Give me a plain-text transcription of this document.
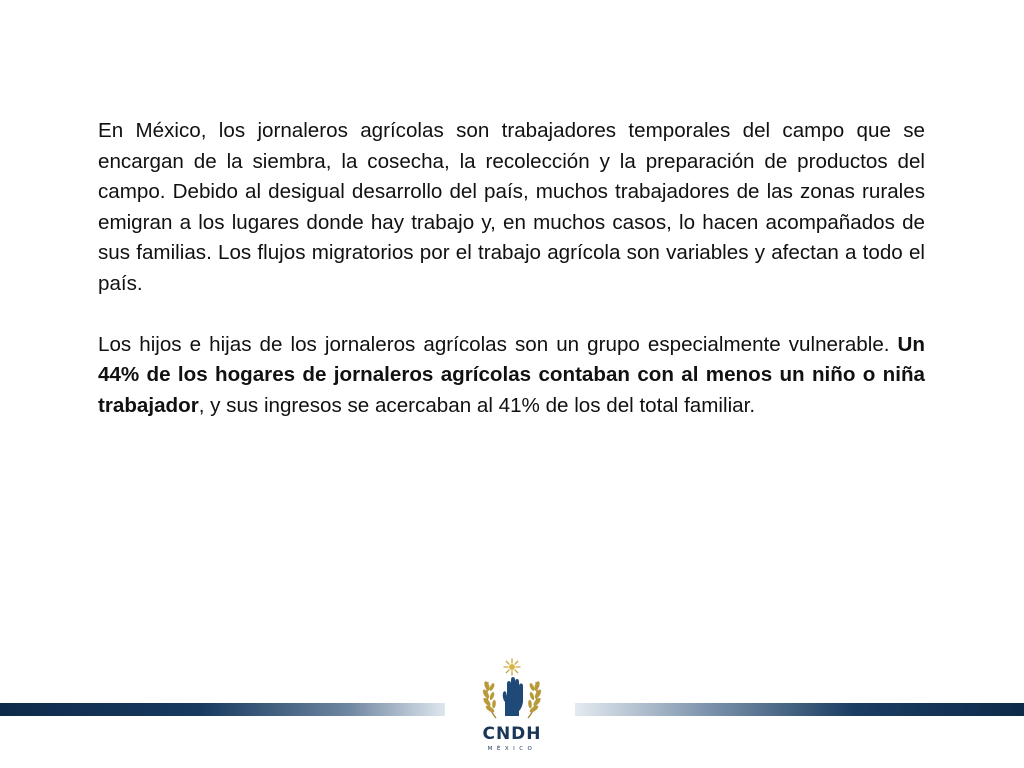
En México, los jornaleros agrícolas son trabajadores temporales del campo que se encargan de la siembra, la cosecha, la recolección y la preparación de productos del campo. Debido al desigual desarrollo del país, muchos trabajadores de las zonas rurales emigran a los lugares donde hay trabajo y, en muchos casos, lo hacen acompañados de sus familias. Los flujos migratorios por el trabajo agrícola son variables y afectan a todo el país.

Los hijos e hijas de los jornaleros agrícolas son un grupo especialmente vulnerable. Un 44% de los hogares de jornaleros agrícolas contaban con al menos un niño o niña trabajador, y sus ingresos se acercaban al 41% de los del total familiar.

CNDH
MÉXICO
